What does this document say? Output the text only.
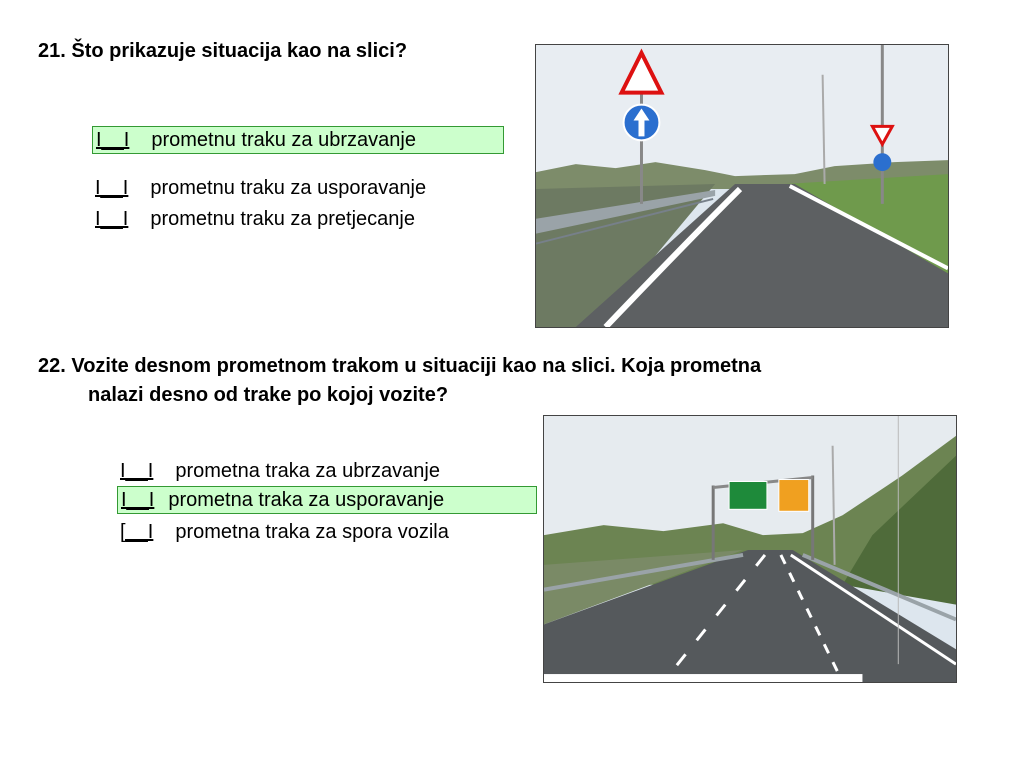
21. Što prikazuje situacija kao na slici?
I__I prometnu traku za ubrzavanje
I__I prometnu traku za usporavanje
I__I prometnu traku za pretjecanje
22. Vozite desnom prometnom trakom u situaciji kao na slici. Koja prometna
nalazi desno od trake po kojoj vozite?
I__I prometna traka za ubrzavanje
I__I prometna traka za usporavanje
[__I prometna traka za spora vozila
